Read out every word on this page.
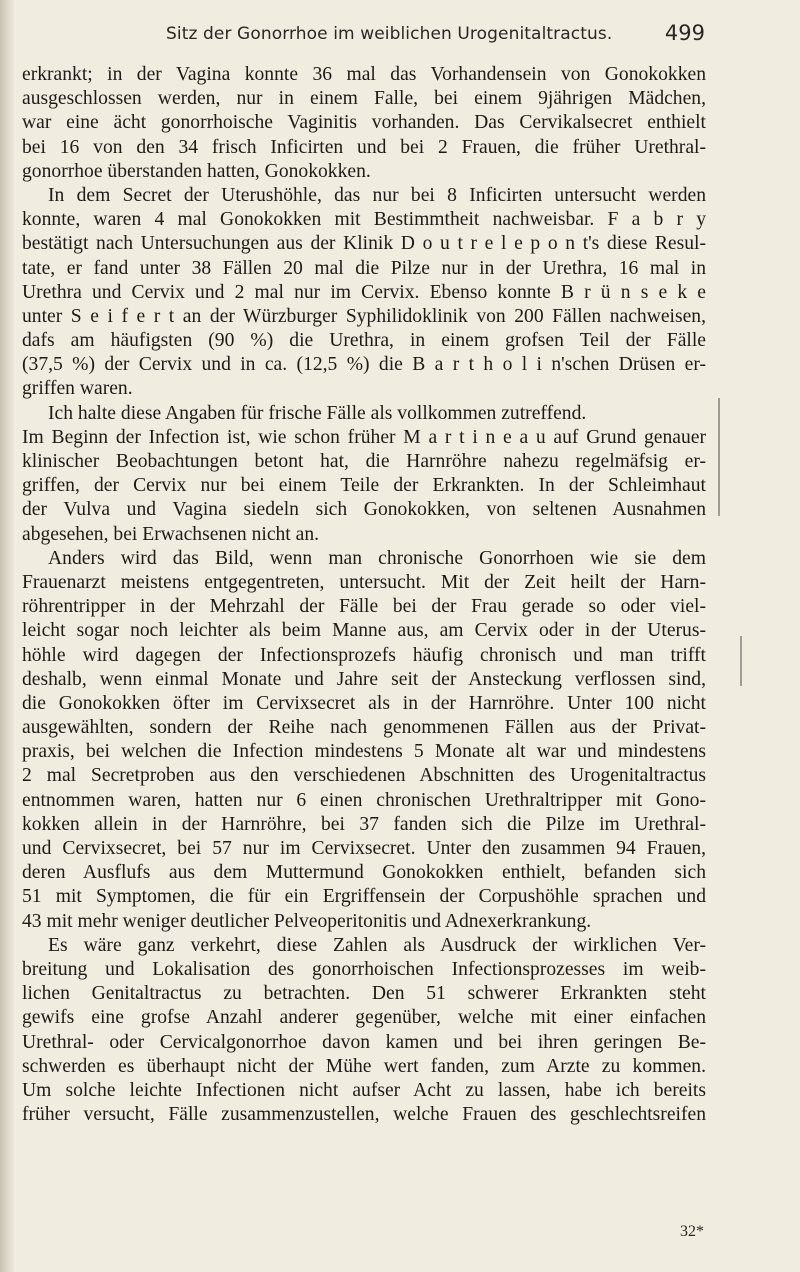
Sitz der Gonorrhoe im weiblichen Urogenitaltractus.	499
erkrankt; in der Vagina konnte 36 mal das Vorhandensein von Gonokokken
ausgeschlossen werden, nur in einem Falle, bei einem 9jährigen Mädchen,
war eine ächt gonorrhoische Vaginitis vorhanden. Das Cervikalsecret enthielt
bei 16 von den 34 frisch Inficirten und bei 2 Frauen, die früher Urethral-
gonorrhoe überstanden hatten, Gonokokken.
In dem Secret der Uterushöhle, das nur bei 8 Inficirten untersucht werden
konnte, waren 4 mal Gonokokken mit Bestimmtheit nachweisbar. F a b r y
bestätigt nach Untersuchungen aus der Klinik D o u t r e l e p o n t's diese Resul-
tate, er fand unter 38 Fällen 20 mal die Pilze nur in der Urethra, 16 mal in
Urethra und Cervix und 2 mal nur im Cervix. Ebenso konnte B r ü n s e k e
unter S e i f e r t an der Würzburger Syphilidoklinik von 200 Fällen nachweisen,
dafs am häufigsten (90 %) die Urethra, in einem grofsen Teil der Fälle
(37,5 %) der Cervix und in ca. (12,5 %) die B a r t h o l i n'schen Drüsen er-
griffen waren.
Ich halte diese Angaben für frische Fälle als vollkommen zutreffend.
Im Beginn der Infection ist, wie schon früher M a r t i n e a u auf Grund genauer
klinischer Beobachtungen betont hat, die Harnröhre nahezu regelmäfsig er-
griffen, der Cervix nur bei einem Teile der Erkrankten. In der Schleimhaut
der Vulva und Vagina siedeln sich Gonokokken, von seltenen Ausnahmen
abgesehen, bei Erwachsenen nicht an.
Anders wird das Bild, wenn man chronische Gonorrhoen wie sie dem
Frauenarzt meistens entgegentreten, untersucht. Mit der Zeit heilt der Harn-
röhrentripper in der Mehrzahl der Fälle bei der Frau gerade so oder viel-
leicht sogar noch leichter als beim Manne aus, am Cervix oder in der Uterus-
höhle wird dagegen der Infectionsprozefs häufig chronisch und man trifft
deshalb, wenn einmal Monate und Jahre seit der Ansteckung verflossen sind,
die Gonokokken öfter im Cervixsecret als in der Harnröhre. Unter 100 nicht
ausgewählten, sondern der Reihe nach genommenen Fällen aus der Privat-
praxis, bei welchen die Infection mindestens 5 Monate alt war und mindestens
2 mal Secretproben aus den verschiedenen Abschnitten des Urogenitaltractus
entnommen waren, hatten nur 6 einen chronischen Urethraltripper mit Gono-
kokken allein in der Harnröhre, bei 37 fanden sich die Pilze im Urethral-
und Cervixsecret, bei 57 nur im Cervixsecret. Unter den zusammen 94 Frauen,
deren Ausflufs aus dem Muttermund Gonokokken enthielt, befanden sich
51 mit Symptomen, die für ein Ergriffensein der Corpushöhle sprachen und
43 mit mehr weniger deutlicher Pelveoperitonitis und Adnexerkrankung.
Es wäre ganz verkehrt, diese Zahlen als Ausdruck der wirklichen Ver-
breitung und Lokalisation des gonorrhoischen Infectionsprozesses im weib-
lichen Genitaltractus zu betrachten. Den 51 schwerer Erkrankten steht
gewifs eine grofse Anzahl anderer gegenüber, welche mit einer einfachen
Urethral- oder Cervicalgonorrhoe davon kamen und bei ihren geringen Be-
schwerden es überhaupt nicht der Mühe wert fanden, zum Arzte zu kommen.
Um solche leichte Infectionen nicht aufser Acht zu lassen, habe ich bereits
früher versucht, Fälle zusammenzustellen, welche Frauen des geschlechtsreifen
32*
